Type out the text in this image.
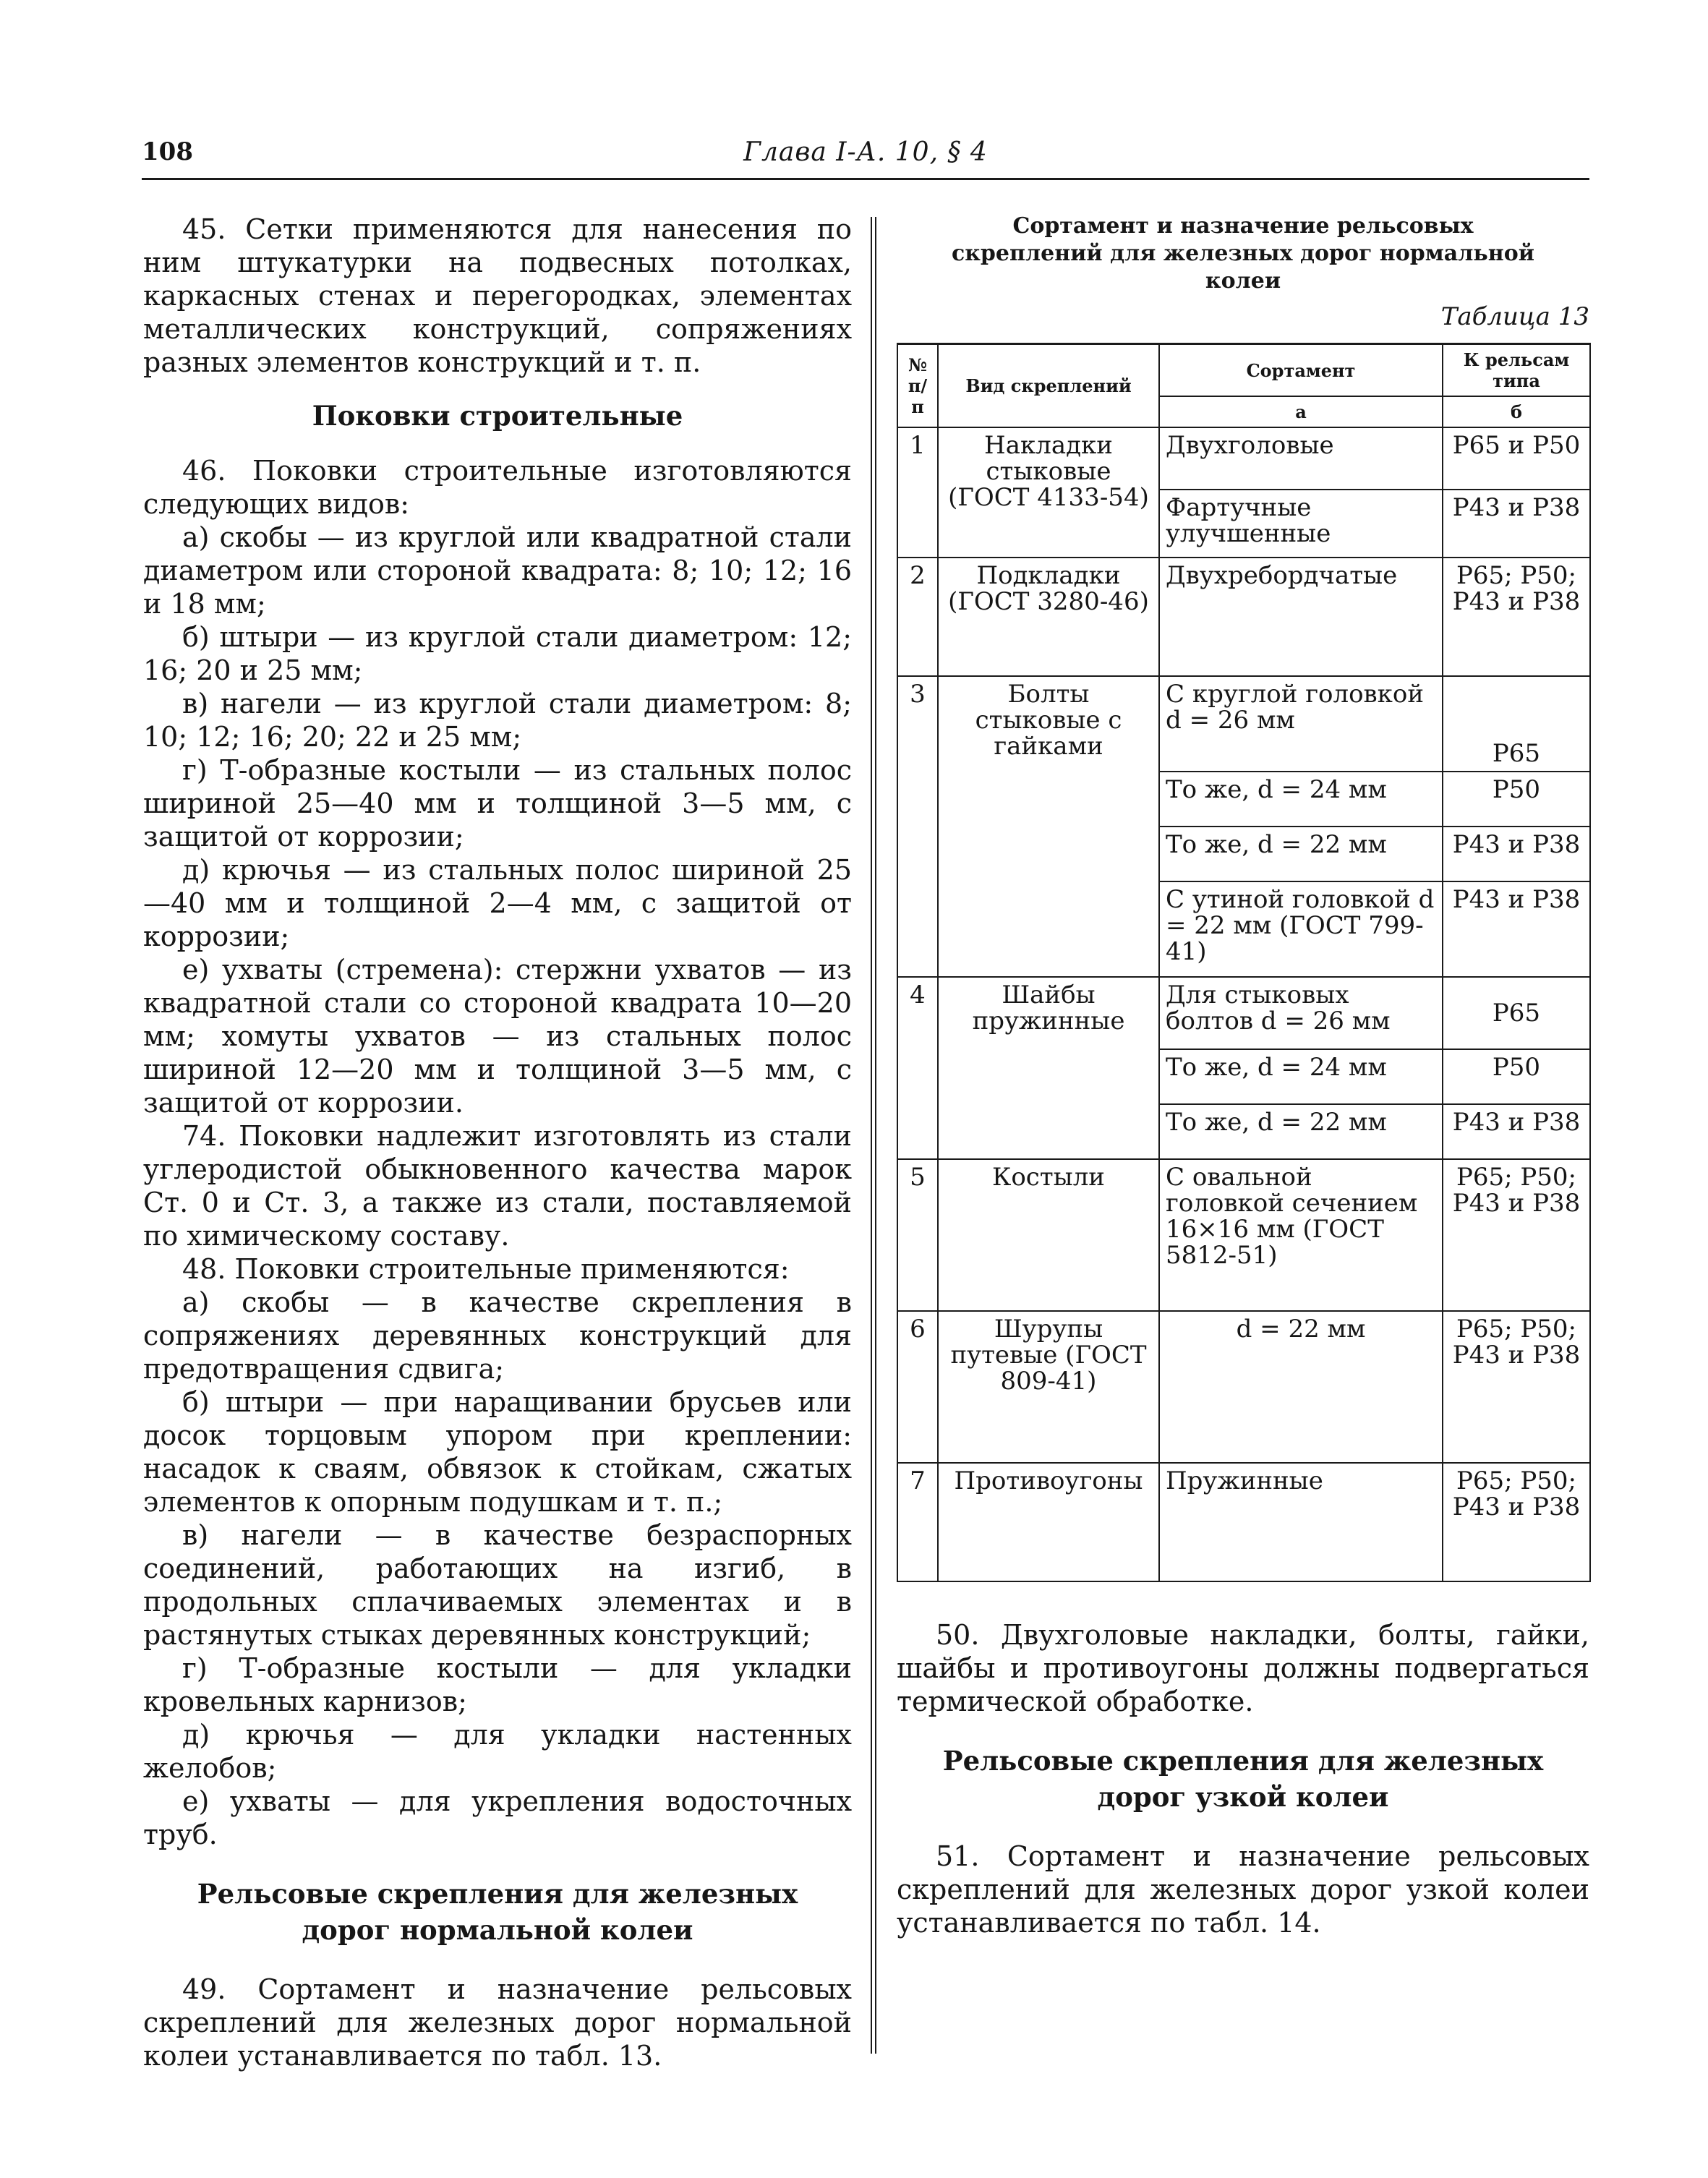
108	Глава I-А. 10, § 4

45. Сетки применяются для нанесения по ним штукатурки на подвесных потолках, каркасных стенах и перегородках, элементах металлических конструкций, сопряжениях разных элементов конструкций и т. п.

Поковки строительные

46. Поковки строительные изготовляются следующих видов:

а) скобы — из круглой или квадратной стали диаметром или стороной квадрата: 8; 10; 12; 16 и 18 мм;

б) штыри — из круглой стали диаметром: 12; 16; 20 и 25 мм;

в) нагели — из круглой стали диаметром: 8; 10; 12; 16; 20; 22 и 25 мм;

г) Т-образные костыли — из стальных полос шириной 25—40 мм и толщиной 3—5 мм, с защитой от коррозии;

д) крючья — из стальных полос шириной 25—40 мм и толщиной 2—4 мм, с защитой от коррозии;

е) ухваты (стремена): стержни ухватов — из квадратной стали со стороной квадрата 10—20 мм; хомуты ухватов — из стальных полос шириной 12—20 мм и толщиной 3—5 мм, с защитой от коррозии.

74. Поковки надлежит изготовлять из стали углеродистой обыкновенного качества марок Ст. 0 и Ст. 3, а также из стали, поставляемой по химическому составу.

48. Поковки строительные применяются:

а) скобы — в качестве скрепления в сопряжениях деревянных конструкций для предотвращения сдвига;

б) штыри — при наращивании брусьев или досок торцовым упором при креплении: насадок к сваям, обвязок к стойкам, сжатых элементов к опорным подушкам и т. п.;

в) нагели — в качестве безраспорных соединений, работающих на изгиб, в продольных сплачиваемых элементах и в растянутых стыках деревянных конструкций;

г) Т-образные костыли — для укладки кровельных карнизов;

д) крючья — для укладки настенных желобов;

е) ухваты — для укрепления водосточных труб.

Рельсовые скрепления для железных дорог нормальной колеи

49. Сортамент и назначение рельсовых скреплений для железных дорог нормальной колеи устанавливается по табл. 13.

Сортамент и назначение рельсовых скреплений для железных дорог нормальной колеи

Таблица 13

№ п/п	Вид скреплений	Сортамент	К рельсам типа
		а	б
1	Накладки стыковые (ГОСТ 4133-54)	Двухголовые	Р65 и Р50
		Фартучные улучшенные	Р43 и Р38
2	Подкладки (ГОСТ 3280-46)	Двухребордчатые	Р65; Р50; Р43 и Р38
3	Болты стыковые с гайками	С круглой головкой d = 26 мм	Р65
		То же, d = 24 мм	Р50
		То же, d = 22 мм	Р43 и Р38
		С утиной головкой d = 22 мм (ГОСТ 799-41)	Р43 и Р38
4	Шайбы пружинные	Для стыковых болтов d = 26 мм	Р65
		То же, d = 24 мм	Р50
		То же, d = 22 мм	Р43 и Р38
5	Костыли	С овальной головкой сечением 16×16 мм (ГОСТ 5812-51)	Р65; Р50; Р43 и Р38
6	Шурупы путевые (ГОСТ 809-41)	d = 22 мм	Р65; Р50; Р43 и Р38
7	Противоугоны	Пружинные	Р65; Р50; Р43 и Р38

50. Двухголовые накладки, болты, гайки, шайбы и противоугоны должны подвергаться термической обработке.

Рельсовые скрепления для железных дорог узкой колеи

51. Сортамент и назначение рельсовых скреплений для железных дорог узкой колеи устанавливается по табл. 14.
